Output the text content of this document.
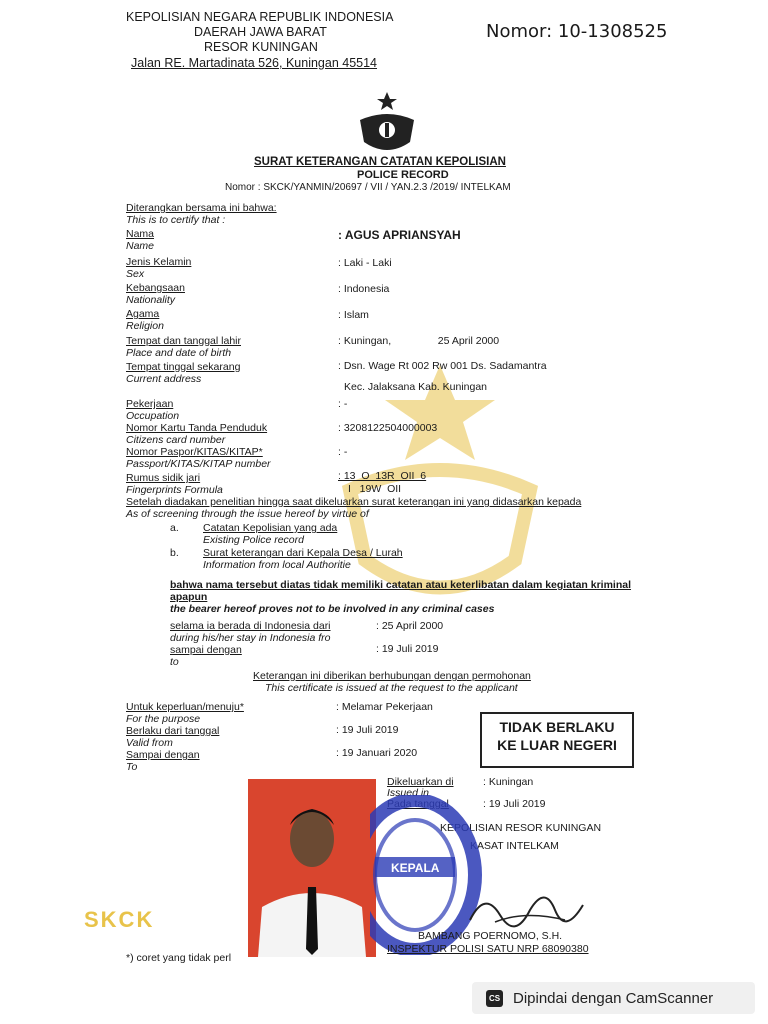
KEPOLISIAN NEGARA REPUBLIK INDONESIA
DAERAH JAWA BARAT
RESOR KUNINGAN
Jalan RE. Martadinata 526, Kuningan 45514
Nomor: 10-1308525
SURAT KETERANGAN CATATAN KEPOLISIAN
POLICE RECORD
Nomor : SKCK/YANMIN/20697 / VII / YAN.2.3 /2019/ INTELKAM
Diterangkan bersama ini bahwa:
This is to certify that :
Nama
Name
: AGUS APRIANSYAH
Jenis Kelamin
Sex
: Laki - Laki
Kebangsaan
Nationality
: Indonesia
Agama
Religion
: Islam
Tempat dan tanggal lahir
Place and date of birth
: Kuningan,                25 April 2000
Tempat tinggal sekarang
Current address
: Dsn. Wage Rt 002 Rw 001 Ds. Sadamantra
Kec. Jalaksana Kab. Kuningan
Pekerjaan
Occupation
: -
Nomor Kartu Tanda Penduduk
Citizens card number
: 3208122504000003
Nomor Paspor/KITAS/KITAP*
Passport/KITAS/KITAP number
: -
Rumus sidik jari
Fingerprints Formula
: 13  O  13R  OII  6
I   19W  OII
Setelah diadakan penelitian hingga saat dikeluarkan surat keterangan ini yang didasarkan kepada
As of screening through the issue hereof by virtue of
a. Catatan Kepolisian yang ada
Existing Police record
b. Surat keterangan dari Kepala Desa / Lurah
Information from local Authoritie
bahwa nama tersebut diatas tidak memiliki catatan atau keterlibatan dalam kegiatan kriminal
apapun
the bearer hereof proves not to be involved in any criminal cases
selama ia berada di Indonesia dari
during his/her stay in Indonesia fro
: 25 April 2000
sampai dengan
to
: 19 Juli 2019
Keterangan ini diberikan berhubungan dengan permohonan
This certificate is issued at the request to the applicant
Untuk keperluan/menuju*
For the purpose
: Melamar Pekerjaan
Berlaku dari tanggal
Valid from
: 19 Juli 2019
Sampai dengan
To
: 19 Januari 2020
TIDAK BERLAKU
KE LUAR NEGERI
Dikeluarkan di
Issued in
: Kuningan
Pada tanggal	: 19 Juli 2019
KEPOLISIAN RESOR KUNINGAN
KASAT INTELKAM
KEPALA
BAMBANG POERNOMO, S.H.
INSPEKTUR POLISI SATU NRP 68090380
SKCK
*) coret yang tidak perl
CS Dipindai dengan CamScanner
